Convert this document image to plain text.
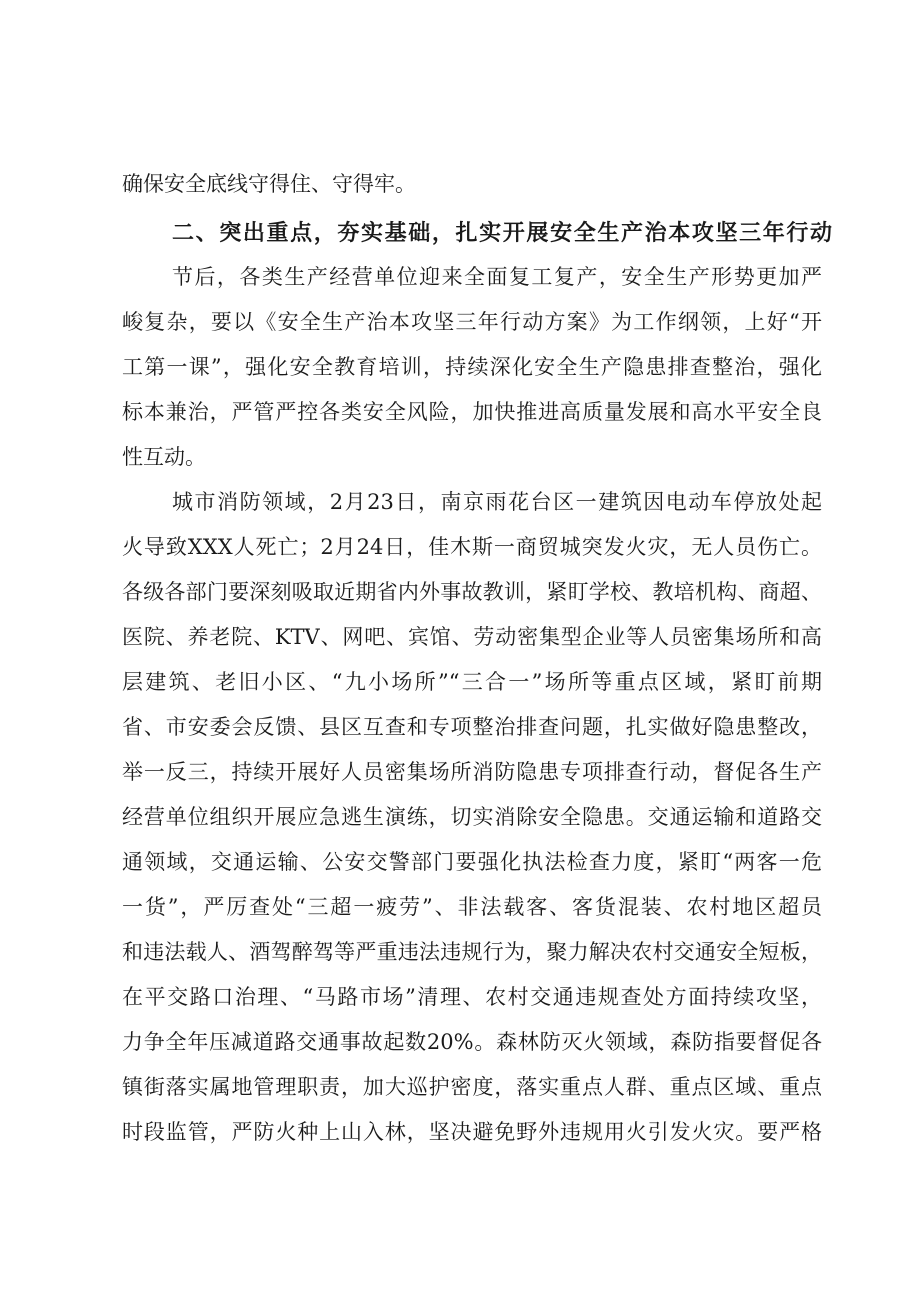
确保安全底线守得住、守得牢。
二、突出重点，夯实基础，扎实开展安全生产治本攻坚三年行动
节后，各类生产经营单位迎来全面复工复产，安全生产形势更加严
峻复杂，要以《安全生产治本攻坚三年行动方案》为工作纲领，上好“开
工第一课”，强化安全教育培训，持续深化安全生产隐患排查整治，强化
标本兼治，严管严控各类安全风险，加快推进高质量发展和高水平安全良
性互动。
城市消防领域，2月23日，南京雨花台区一建筑因电动车停放处起
火导致XXX人死亡；2月24日，佳木斯一商贸城突发火灾，无人员伤亡。
各级各部门要深刻吸取近期省内外事故教训，紧盯学校、教培机构、商超、
医院、养老院、KTV、网吧、宾馆、劳动密集型企业等人员密集场所和高
层建筑、老旧小区、“九小场所”“三合一”场所等重点区域，紧盯前期
省、市安委会反馈、县区互查和专项整治排查问题，扎实做好隐患整改，
举一反三，持续开展好人员密集场所消防隐患专项排查行动，督促各生产
经营单位组织开展应急逃生演练，切实消除安全隐患。交通运输和道路交
通领域，交通运输、公安交警部门要强化执法检查力度，紧盯“两客一危
一货”，严厉查处“三超一疲劳”、非法载客、客货混装、农村地区超员
和违法载人、酒驾醉驾等严重违法违规行为，聚力解决农村交通安全短板，
在平交路口治理、“马路市场”清理、农村交通违规查处方面持续攻坚，
力争全年压减道路交通事故起数20%。森林防灭火领域，森防指要督促各
镇街落实属地管理职责，加大巡护密度，落实重点人群、重点区域、重点
时段监管，严防火种上山入林，坚决避免野外违规用火引发火灾。要严格
